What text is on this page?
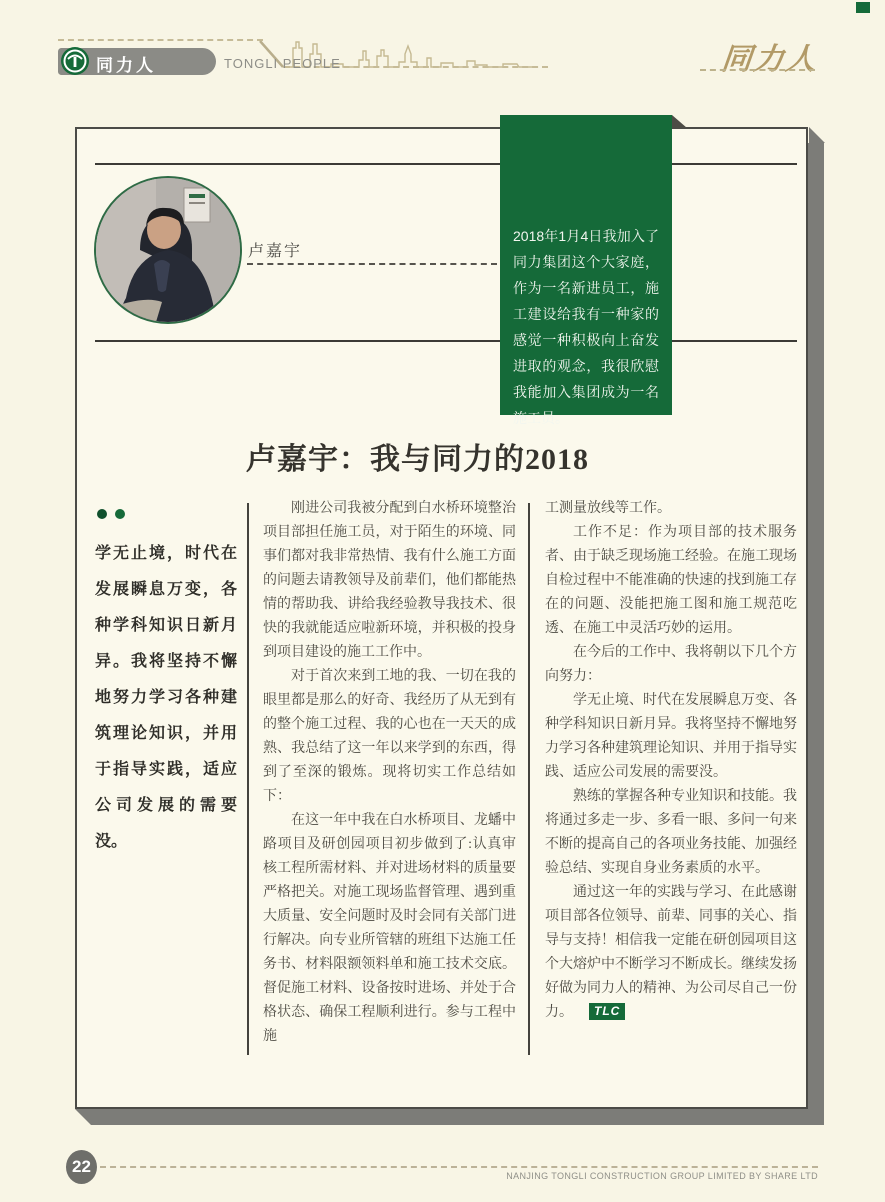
同力人	TONGLI PEOPLE	同力人
卢嘉宇
2018年1月4日我加入了同力集团这个大家庭，作为一名新进员工，施工建设给我有一种家的感觉一种积极向上奋发进取的观念，我很欣慰我能加入集团成为一名施工员。
卢嘉宇：我与同力的2018
学无止境，时代在发展瞬息万变，各种学科知识日新月异。我将坚持不懈地努力学习各种建筑理论知识，并用于指导实践，适应公司发展的需要没。

刚进公司我被分配到白水桥环境整治项目部担任施工员，对于陌生的环境、同事们都对我非常热情、我有什么施工方面的问题去请教领导及前辈们，他们都能热情的帮助我、讲给我经验教导我技术、很快的我就能适应啦新环境，并积极的投身到项目建设的施工工作中。

对于首次来到工地的我、一切在我的眼里都是那么的好奇、我经历了从无到有的整个施工过程、我的心也在一天天的成熟、我总结了这一年以来学到的东西，得到了至深的锻炼。现将切实工作总结如下：

在这一年中我在白水桥项目、龙蟠中路项目及研创园项目初步做到了:认真审核工程所需材料、并对进场材料的质量要严格把关。对施工现场监督管理、遇到重大质量、安全问题时及时会同有关部门进行解决。向专业所管辖的班组下达施工任务书、材料限额领料单和施工技术交底。督促施工材料、设备按时进场、并处于合格状态、确保工程顺利进行。参与工程中施

工测量放线等工作。

工作不足：作为项目部的技术服务者、由于缺乏现场施工经验。在施工现场自检过程中不能准确的快速的找到施工存在的问题、没能把施工图和施工规范吃透、在施工中灵活巧妙的运用。

在今后的工作中、我将朝以下几个方向努力：

学无止境、时代在发展瞬息万变、各种学科知识日新月异。我将坚持不懈地努力学习各种建筑理论知识、并用于指导实践、适应公司发展的需要没。

熟练的掌握各种专业知识和技能。我将通过多走一步、多看一眼、多问一句来不断的提高自己的各项业务技能、加强经验总结、实现自身业务素质的水平。

通过这一年的实践与学习、在此感谢项目部各位领导、前辈、同事的关心、指导与支持！相信我一定能在研创园项目这个大熔炉中不断学习不断成长。继续发扬好做为同力人的精神、为公司尽自己一份力。 TLC

22	NANJING TONGLI CONSTRUCTION GROUP LIMITED BY SHARE LTD
